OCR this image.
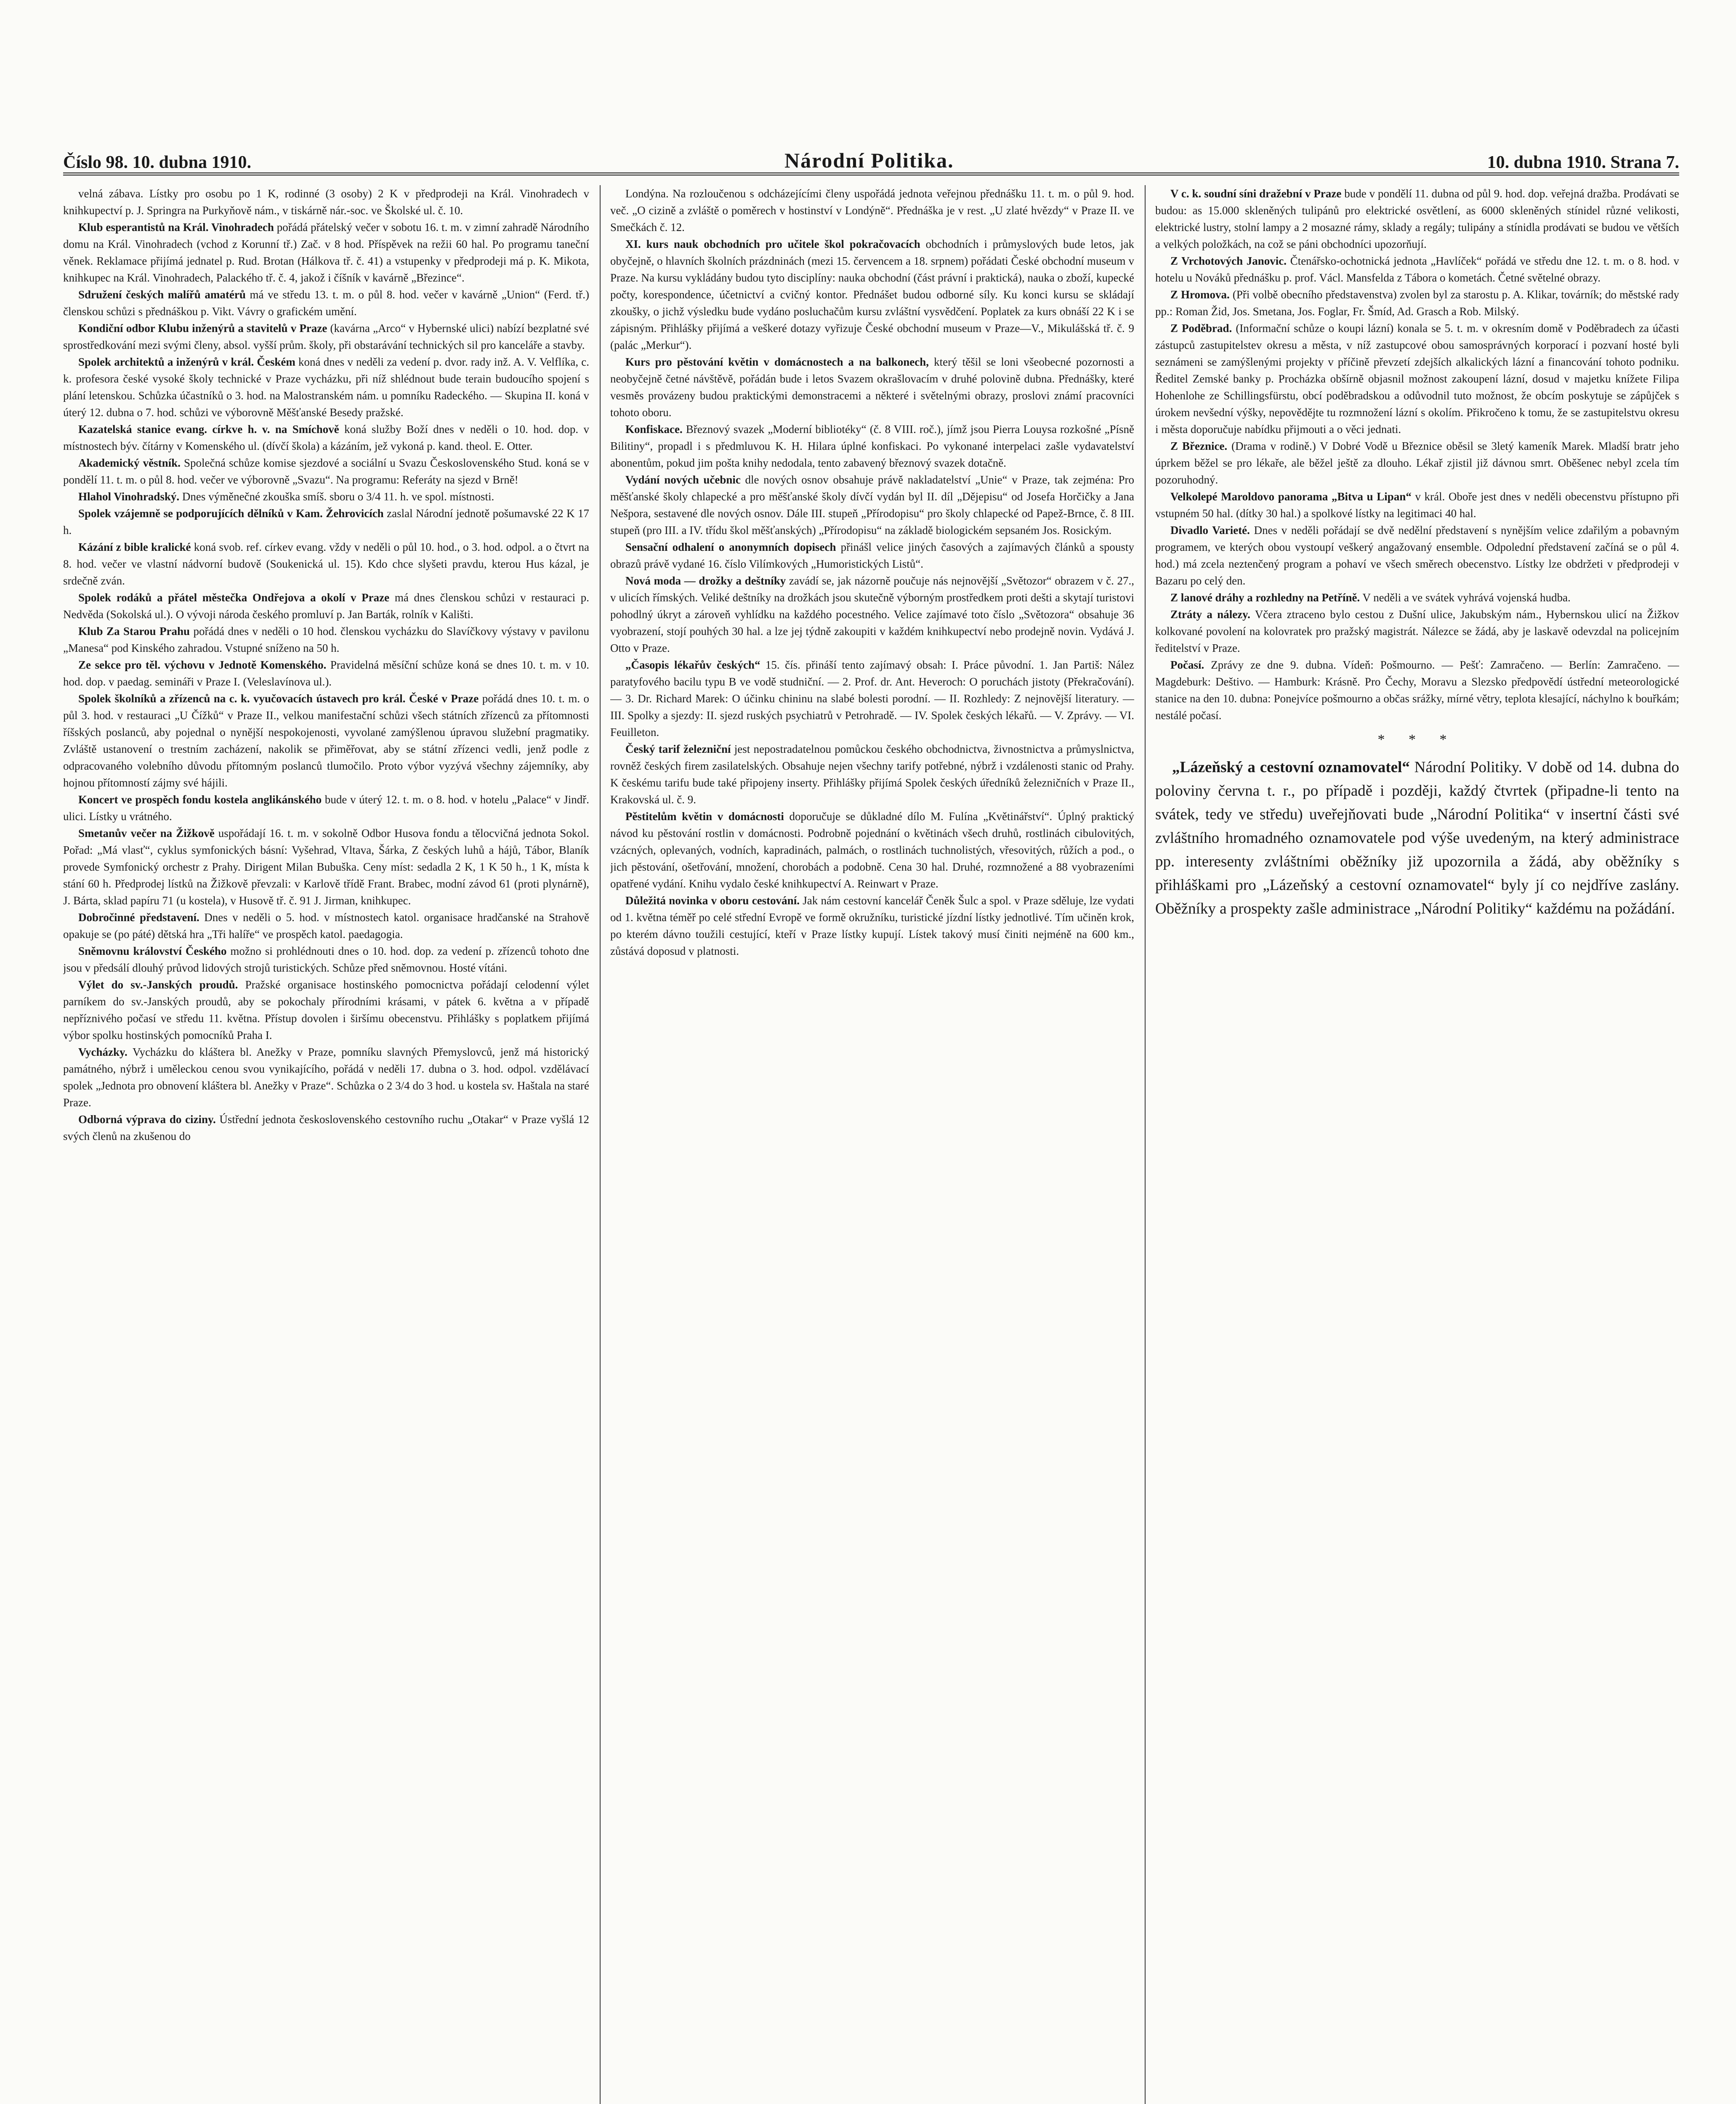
Číslo 98. 10. dubna 1910.	Národní Politika.	10. dubna 1910. Strana 7.

velná zábava. Lístky pro osobu po 1 K, rodinné (3 osoby) 2 K v předprodeji na Král. Vinohradech v knihkupectví p. J. Springra na Purkyňově nám., v tiskárně nár.-soc. ve Školské ul. č. 10.

Klub esperantistů na Král. Vinohradech pořádá přátelský večer v sobotu 16. t. m. v zimní zahradě Národního domu na Král. Vinohradech (vchod z Korunní tř.) Zač. v 8 hod. Příspěvek na režii 60 hal. Po programu taneční věnek. Reklamace přijímá jednatel p. Rud. Brotan (Hálkova tř. č. 41) a vstupenky v předprodeji má p. K. Mikota, knihkupec na Král. Vinohradech, Palackého tř. č. 4, jakož i číšník v kavárně „Březince“.

Sdružení českých malířů amatérů má ve středu 13. t. m. o půl 8. hod. večer v kavárně „Union“ (Ferd. tř.) členskou schůzi s přednáškou p. Vikt. Vávry o grafickém umění.

Kondiční odbor Klubu inženýrů a stavitelů v Praze (kavárna „Arco“ v Hybernské ulici) nabízí bezplatné své sprostředkování mezi svými členy, absol. vyšší prům. školy, při obstarávání technických sil pro kanceláře a stavby.

Spolek architektů a inženýrů v král. Českém koná dnes v neděli za vedení p. dvor. rady inž. A. V. Velflíka, c. k. profesora české vysoké školy technické v Praze vycházku, při níž shlédnout bude terain budoucího spojení s plání letenskou. Schůzka účastníků o 3. hod. na Malostranském nám. u pomníku Radeckého. — Skupina II. koná v úterý 12. dubna o 7. hod. schůzi ve výborovně Měšťanské Besedy pražské.

Kazatelská stanice evang. církve h. v. na Smíchově koná služby Boží dnes v neděli o 10. hod. dop. v místnostech býv. čítárny v Komenského ul. (dívčí škola) a kázáním, jež vykoná p. kand. theol. E. Otter.

Akademický věstník. Společná schůze komise sjezdové a sociální u Svazu Československého Stud. koná se v pondělí 11. t. m. o půl 8. hod. večer ve výborovně „Svazu“. Na programu: Referáty na sjezd v Brně!

Hlahol Vinohradský. Dnes výměnečné zkouška smíš. sboru o 3/4 11. h. ve spol. místnosti.

Spolek vzájemně se podporujících dělníků v Kam. Žehrovicích zaslal Národní jednotě pošumavské 22 K 17 h.

Kázání z bible kralické koná svob. ref. církev evang. vždy v neděli o půl 10. hod., o 3. hod. odpol. a o čtvrt na 8. hod. večer ve vlastní nádvorní budově (Soukenická ul. 15). Kdo chce slyšeti pravdu, kterou Hus kázal, je srdečně zván.

Spolek rodáků a přátel městečka Ondřejova a okolí v Praze má dnes členskou schůzi v restauraci p. Nedvěda (Sokolská ul.). O vývoji národa českého promluví p. Jan Barták, rolník v Kališti.

Klub Za Starou Prahu pořádá dnes v neděli o 10 hod. členskou vycházku do Slavíčkovy výstavy v pavilonu „Manesa“ pod Kinského zahradou. Vstupné sníženo na 50 h.

Ze sekce pro těl. výchovu v Jednotě Komenského. Pravidelná měsíční schůze koná se dnes 10. t. m. v 10. hod. dop. v paedag. semináři v Praze I. (Veleslavínova ul.).

Spolek školníků a zřízenců na c. k. vyučovacích ústavech pro král. České v Praze pořádá dnes 10. t. m. o půl 3. hod. v restauraci „U Čížků“ v Praze II., velkou manifestační schůzi všech státních zřízenců za přítomnosti říšských poslanců, aby pojednal o nynější nespokojenosti, vyvolané zamýšlenou úpravou služební pragmatiky. Zvláště ustanovení o trestním zacházení, nakolik se přiměřovat, aby se státní zřízenci vedli, jenž podle z odpracovaného volebního důvodu přítomným poslanců tlumočilo. Proto výbor vyzývá všechny zájemníky, aby hojnou přítomností zájmy své hájili.

Koncert ve prospěch fondu kostela anglikánského bude v úterý 12. t. m. o 8. hod. v hotelu „Palace“ v Jindř. ulici. Lístky u vrátného.

Smetanův večer na Žižkově uspořádají 16. t. m. v sokolně Odbor Husova fondu a tělocvičná jednota Sokol. Pořad: „Má vlasť“, cyklus symfonických básní: Vyšehrad, Vltava, Šárka, Z českých luhů a hájů, Tábor, Blaník provede Symfonický orchestr z Prahy. Dirigent Milan Bubuška. Ceny míst: sedadla 2 K, 1 K 50 h., 1 K, místa k stání 60 h. Předprodej lístků na Žižkově převzali: v Karlově třídě Frant. Brabec, modní závod 61 (proti plynárně), J. Bárta, sklad papíru 71 (u kostela), v Husově tř. č. 91 J. Jirman, knihkupec.

Dobročinné představení. Dnes v neděli o 5. hod. v místnostech katol. organisace hradčanské na Strahově opakuje se (po páté) dětská hra „Tři halíře“ ve prospěch katol. paedagogia.

Sněmovnu království Českého možno si prohlédnouti dnes o 10. hod. dop. za vedení p. zřízenců tohoto dne jsou v předsálí dlouhý průvod lidových strojů turistických. Schůze před sněmovnou. Hosté vítáni.

Výlet do sv.-Janských proudů. Pražské organisace hostinského pomocnictva pořádají celodenní výlet parníkem do sv.-Janských proudů, aby se pokochaly přírodními krásami, v pátek 6. května a v případě nepříznivého počasí ve středu 11. května. Přístup dovolen i širšímu obecenstvu. Přihlášky s poplatkem přijímá výbor spolku hostinských pomocníků Praha I.

Vycházky. Vycházku do kláštera bl. Anežky v Praze, pomníku slavných Přemyslovců, jenž má historický památného, nýbrž i uměleckou cenou svou vynikajícího, pořádá v neděli 17. dubna o 3. hod. odpol. vzdělávací spolek „Jednota pro obnovení kláštera bl. Anežky v Praze“. Schůzka o 2 3/4 do 3 hod. u kostela sv. Haštala na staré Praze.

Odborná výprava do ciziny. Ústřední jednota československého cestovního ruchu „Otakar“ v Praze vyšlá 12 svých členů na zkušenou do

Londýna. Na rozloučenou s odcházejícími členy uspořádá jednota veřejnou přednášku 11. t. m. o půl 9. hod. več. „O cizině a zvláště o poměrech v hostinství v Londýně“. Přednáška je v rest. „U zlaté hvězdy“ v Praze II. ve Smečkách č. 12.

XI. kurs nauk obchodních pro učitele škol pokračovacích obchodních i průmyslových bude letos, jak obyčejně, o hlavních školních prázdninách (mezi 15. červencem a 18. srpnem) pořádati České obchodní museum v Praze. Na kursu vykládány budou tyto disciplíny: nauka obchodní (část právní i praktická), nauka o zboží, kupecké počty, korespondence, účetnictví a cvičný kontor. Přednášet budou odborné síly. Ku konci kursu se skládají zkoušky, o jichž výsledku bude vydáno posluchačům kursu zvláštní vysvědčení. Poplatek za kurs obnáší 22 K i se zápisným. Přihlášky přijímá a veškeré dotazy vyřizuje České obchodní museum v Praze—V., Mikulášská tř. č. 9 (palác „Merkur“).

Kurs pro pěstování květin v domácnostech a na balkonech, který těšil se loni všeobecné pozornosti a neobyčejně četné návštěvě, pořádán bude i letos Svazem okrašlovacím v druhé polovině dubna. Přednášky, které vesměs provázeny budou praktickými demonstracemi a některé i světelnými obrazy, proslovi známí pracovníci tohoto oboru.

Konfiskace. Březnový svazek „Moderní bibliotéky“ (č. 8 VIII. roč.), jímž jsou Pierra Louysa rozkošné „Písně Bilitiny“, propadl i s předmluvou K. H. Hilara úplné konfiskaci. Po vykonané interpelaci zašle vydavatelství abonentům, pokud jim pošta knihy nedodala, tento zabavený březnový svazek dotačně.

Vydání nových učebnic dle nových osnov obsahuje právě nakladatelství „Unie“ v Praze, tak zejména: Pro měšťanské školy chlapecké a pro měšťanské školy dívčí vydán byl II. díl „Dějepisu“ od Josefa Horčičky a Jana Nešpora, sestavené dle nových osnov. Dále III. stupeň „Přírodopisu“ pro školy chlapecké od Papež-Brnce, č. 8 III. stupeň (pro III. a IV. třídu škol měšťanských) „Přírodopisu“ na základě biologickém sepsaném Jos. Rosickým.

Sensační odhalení o anonymních dopisech přinášl velice jiných časových a zajímavých článků a spousty obrazů právě vydané 16. číslo Vilímkových „Humoristických Listů“.

Nová moda — drožky a deštníky zavádí se, jak názorně poučuje nás nejnovější „Světozor“ obrazem v č. 27., v ulicích římských. Veliké deštníky na drožkách jsou skutečně výborným prostředkem proti dešti a skytají turistovi pohodlný úkryt a zároveň vyhlídku na každého pocestného. Velice zajímavé toto číslo „Světozora“ obsahuje 36 vyobrazení, stojí pouhých 30 hal. a lze jej týdně zakoupiti v každém knihkupectví nebo prodejně novin. Vydává J. Otto v Praze.

„Časopis lékařův českých“ 15. čís. přináší tento zajímavý obsah: I. Práce původní. 1. Jan Partiš: Nález paratyfového bacilu typu B ve vodě studniční. — 2. Prof. dr. Ant. Heveroch: O poruchách jistoty (Překračování). — 3. Dr. Richard Marek: O účinku chininu na slabé bolesti porodní. — II. Rozhledy: Z nejnovější literatury. — III. Spolky a sjezdy: II. sjezd ruských psychiatrů v Petrohradě. — IV. Spolek českých lékařů. — V. Zprávy. — VI. Feuilleton.

Český tarif železniční jest nepostradatelnou pomůckou českého obchodnictva, živnostnictva a průmyslnictva, rovněž českých firem zasilatelských. Obsahuje nejen všechny tarify potřebné, nýbrž i vzdálenosti stanic od Prahy. K českému tarifu bude také připojeny inserty. Přihlášky přijímá Spolek českých úředníků železničních v Praze II., Krakovská ul. č. 9.

Pěstitelům květin v domácnosti doporučuje se důkladné dílo M. Fulína „Květinářství“. Úplný praktický návod ku pěstování rostlin v domácnosti. Podrobně pojednání o květinách všech druhů, rostlinách cibulovitých, vzácných, oplevaných, vodních, kapradinách, palmách, o rostlinách tuchnolistých, vřesovitých, růžích a pod., o jich pěstování, ošetřování, množení, chorobách a podobně. Cena 30 hal. Druhé, rozmnožené a 88 vyobrazeními opatřené vydání. Knihu vydalo české knihkupectví A. Reinwart v Praze.

Důležitá novinka v oboru cestování. Jak nám cestovní kancelář Čeněk Šulc a spol. v Praze sděluje, lze vydati od 1. května téměř po celé střední Evropě ve formě okružníku, turistické jízdní lístky jednotlivé. Tím učiněn krok, po kterém dávno toužili cestující, kteří v Praze lístky kupují. Lístek takový musí činiti nejméně na 600 km., zůstává doposud v platnosti.

V c. k. soudní síni dražební v Praze bude v pondělí 11. dubna od půl 9. hod. dop. veřejná dražba. Prodávati se budou: as 15.000 skleněných tulipánů pro elektrické osvětlení, as 6000 skleněných stínidel různé velikosti, elektrické lustry, stolní lampy a 2 mosazné rámy, sklady a regály; tulipány a stínidla prodávati se budou ve větších a velkých položkách, na což se páni obchodníci upozorňují.

Z Vrchotových Janovic. Čtenářsko-ochotnická jednota „Havlíček“ pořádá ve středu dne 12. t. m. o 8. hod. v hotelu u Nováků přednášku p. prof. Václ. Mansfelda z Tábora o kometách. Četné světelné obrazy.

Z Hromova. (Při volbě obecního představenstva) zvolen byl za starostu p. A. Klikar, továrník; do městské rady pp.: Roman Žid, Jos. Smetana, Jos. Foglar, Fr. Šmíd, Ad. Grasch a Rob. Milský.

Z Poděbrad. (Informační schůze o koupi lázní) konala se 5. t. m. v okresním domě v Poděbradech za účasti zástupců zastupitelstev okresu a města, v níž zastupcové obou samosprávných korporací i pozvaní hosté byli seznámeni se zamýšlenými projekty v příčině převzetí zdejších alkalických lázní a financování tohoto podniku. Ředitel Zemské banky p. Procházka obšírně objasnil možnost zakoupení lázní, dosud v majetku knížete Filipa Hohenlohe ze Schillingsfürstu, obcí poděbradskou a odůvodnil tuto možnost, že obcím poskytuje se zápůjček s úrokem nevšední výšky, nepovědějte tu rozmnožení lázní s okolím. Přikročeno k tomu, že se zastupitelstvu okresu i města doporučuje nabídku přijmouti a o věci jednati.

Z Březnice. (Drama v rodině.) V Dobré Vodě u Březnice oběsil se 3letý kameník Marek. Mladší bratr jeho úprkem běžel se pro lékaře, ale běžel ještě za dlouho. Lékař zjistil již dávnou smrt. Oběšenec nebyl zcela tím pozoruhodný.

Velkolepé Maroldovo panorama „Bitva u Lipan“ v král. Oboře jest dnes v neděli obecenstvu přístupno při vstupném 50 hal. (dítky 30 hal.) a spolkové lístky na legitimaci 40 hal.

Divadlo Varieté. Dnes v neděli pořádají se dvě nedělní představení s nynějším velice zdařilým a pobavným programem, ve kterých obou vystoupí veškerý angažovaný ensemble. Odpolední představení začíná se o půl 4. hod.) má zcela neztenčený program a pohaví ve všech směrech obecenstvo. Lístky lze obdržeti v předprodeji v Bazaru po celý den.

Z lanové dráhy a rozhledny na Petříně. V neděli a ve svátek vyhrává vojenská hudba.

Ztráty a nálezy. Včera ztraceno bylo cestou z Dušní ulice, Jakubským nám., Hybernskou ulicí na Žižkov kolkované povolení na kolovratek pro pražský magistrát. Nálezce se žádá, aby je laskavě odevzdal na policejním ředitelství v Praze.

Počasí. Zprávy ze dne 9. dubna. Vídeň: Pošmourno. — Pešť: Zamračeno. — Berlín: Zamračeno. — Magdeburk: Deštivo. — Hamburk: Krásně. Pro Čechy, Moravu a Slezsko předpovědí ústřední meteorologické stanice na den 10. dubna: Ponejvíce pošmourno a občas srážky, mírné větry, teplota klesající, náchylno k bouřkám; nestálé počasí.

* * *

„Lázeňský a cestovní oznamovatel“ Národní Politiky. V době od 14. dubna do poloviny června t. r., po případě i později, každý čtvrtek (připadne-li tento na svátek, tedy ve středu) uveřejňovati bude „Národní Politika“ v insertní části své zvláštního hromadného oznamovatele pod výše uvedeným, na který administrace pp. interesenty zvláštními oběžníky již upozornila a žádá, aby oběžníky s přihláškami pro „Lázeňský a cestovní oznamovatel“ byly jí co nejdříve zaslány. Oběžníky a prospekty zašle administrace „Národní Politiky“ každému na požádání.
